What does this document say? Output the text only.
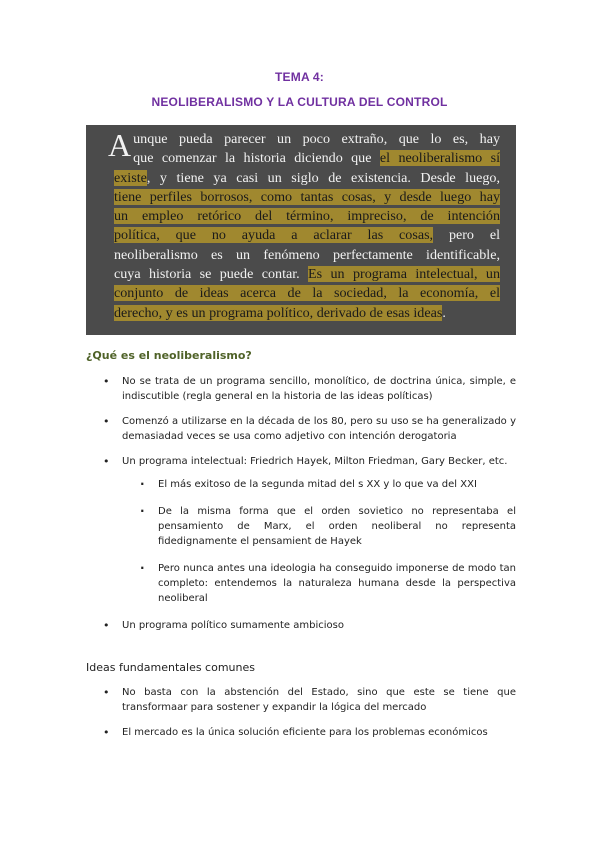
TEMA 4:
NEOLIBERALISMO Y LA CULTURA DEL CONTROL
A unque pueda parecer un poco extraño, que lo es, hay
que comenzar la historia diciendo que el neoliberalismo sí
existe, y tiene ya casi un siglo de existencia. Desde luego,
tiene perfiles borrosos, como tantas cosas, y desde luego hay
un empleo retórico del término, impreciso, de intención
política, que no ayuda a aclarar las cosas, pero el
neoliberalismo es un fenómeno perfectamente identificable,
cuya historia se puede contar. Es un programa intelectual, un
conjunto de ideas acerca de la sociedad, la economía, el
derecho, y es un programa político, derivado de esas ideas.
¿Qué es el neoliberalismo?
• No se trata de un programa sencillo, monolítico, de doctrina única, simple, e indiscutible (regla general en la historia de las ideas políticas)
• Comenzó a utilizarse en la década de los 80, pero su uso se ha generalizado y demasiadad veces se usa como adjetivo con intención derogatoria
• Un programa intelectual: Friedrich Hayek, Milton Friedman, Gary Becker, etc.
· El más exitoso de la segunda mitad del s XX y lo que va del XXI
· De la misma forma que el orden sovietico no representaba el pensamiento de Marx, el orden neoliberal no representa fidedignamente el pensamient de Hayek
· Pero nunca antes una ideologia ha conseguido imponerse de modo tan completo: entendemos la naturaleza humana desde la perspectiva neoliberal
• Un programa político sumamente ambicioso
Ideas fundamentales comunes
• No basta con la abstención del Estado, sino que este se tiene que transformaar para sostener y expandir la lógica del mercado
• El mercado es la única solución eficiente para los problemas económicos
